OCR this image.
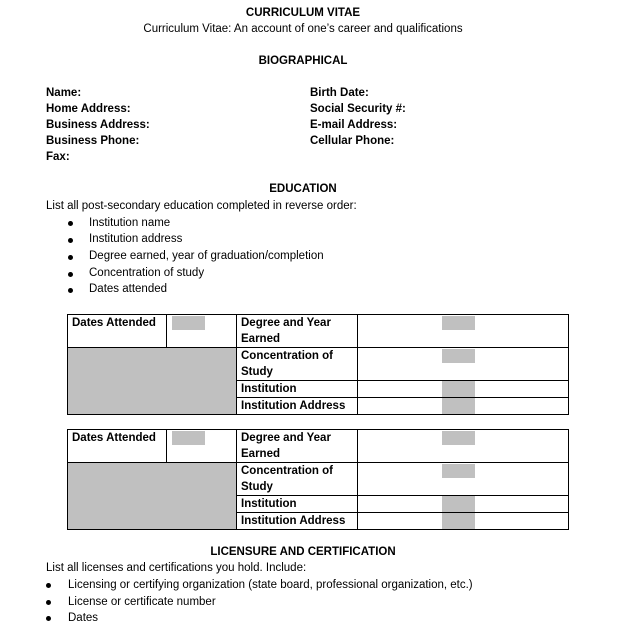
CURRICULUM VITAE
Curriculum Vitae: An account of one’s career and qualifications
BIOGRAPHICAL
Name:
Home Address:
Business Address:
Business Phone:
Fax:
Birth Date:
Social Security #:
E-mail Address:
Cellular Phone:
EDUCATION
List all post-secondary education completed in reverse order:
Institution name
Institution address
Degree earned, year of graduation/completion
Concentration of study
Dates attended
Dates Attended		Degree and Year
Earned	

		Concentration of
Study	

		Institution	

		Institution Address	
Dates Attended		Degree and Year
Earned	

		Concentration of
Study	

		Institution	

		Institution Address	
LICENSURE AND CERTIFICATION
List all licenses and certifications you hold. Include:
Licensing or certifying organization (state board, professional organization, etc.)
License or certificate number
Dates
